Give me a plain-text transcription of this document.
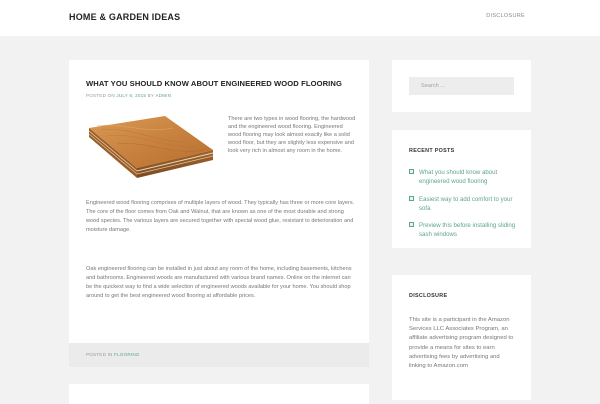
HOME & GARDEN IDEAS	DISCLOSURE
WHAT YOU SHOULD KNOW ABOUT ENGINEERED WOOD FLOORING
POSTED ON JULY 8, 2015 BY ADMIN

There are two types in wood flooring, the hardwood and the engineered wood flooring. Engineered wood flooring may look almost exactly like a solid wood floor, but they are slightly less expensive and look very rich in almost any room in the home.

Engineered wood flooring comprises of multiple layers of wood. They typically has three or more core layers. The core of the floor comes from Oak and Walnut, that are known as one of the most durable and strong wood species. The various layers are secured together with special wood glue, resistant to deterioration and moisture damage.

Oak engineered flooring can be installed in just about any room of the home, including basements, kitchens and bathrooms. Engineered woods are manufactured with various brand names. Online on the internet can be the quickest way to find a wide selection of engineered woods available for your home. You should shop around to get the best engineered wood flooring at affordable prices.

POSTED IN FLOORING
Search ...
RECENT POSTS
What you should know about engineered wood flooring
Easiest way to add comfort to your sofa
Preview this before installing sliding sash windows
DISCLOSURE

This site is a participant in the Amazon Services LLC Associates Program, an affiliate advertising program designed to provide a means for sites to earn advertising fees by advertising and linking to Amazon.com
